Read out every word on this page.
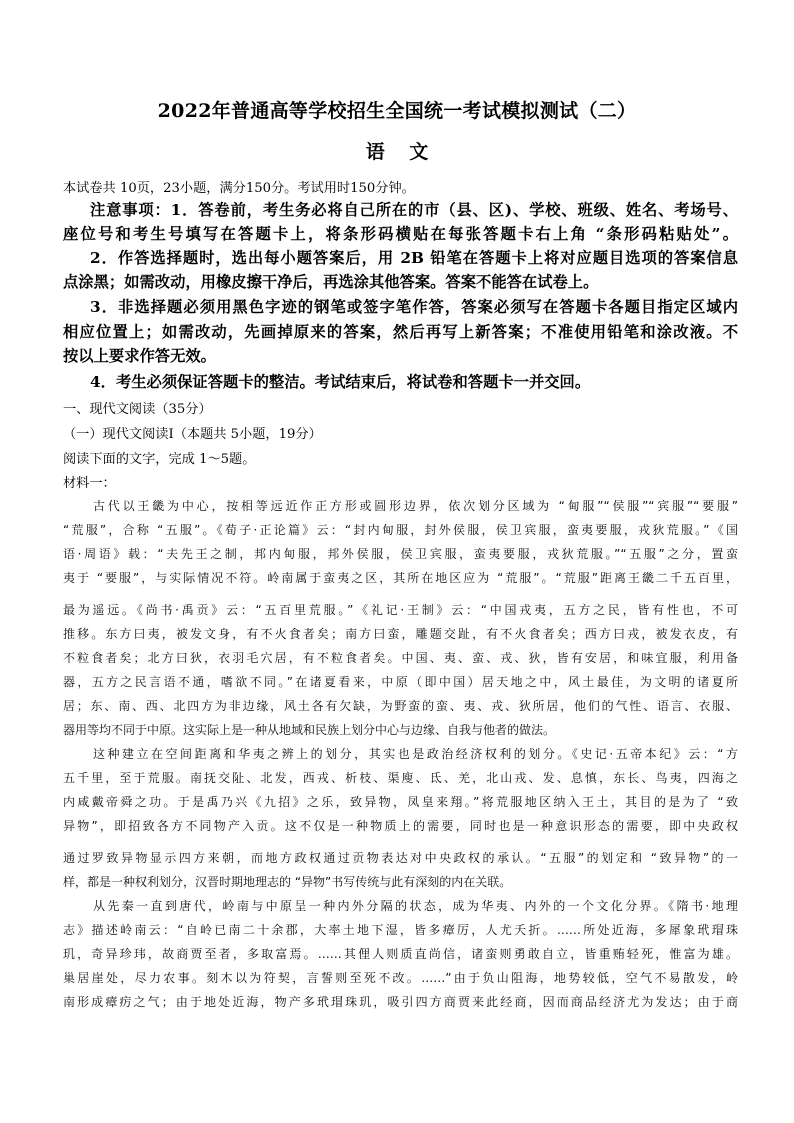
2022年普通高等学校招生全国统一考试模拟测试（二）
语 文
本试卷共 10页，23小题，满分150分。考试用时150分钟。
注意事项：1．答卷前，考生务必将自己所在的市（县、区)、学校、班级、姓名、考场号、
座位号和考生号填写在答题卡上，将条形码横贴在每张答题卡右上角 “条形码粘贴处”。
2．作答选择题时，选出每小题答案后，用 2B 铅笔在答题卡上将对应题目选项的答案信息
点涂黑；如需改动，用橡皮擦干净后，再选涂其他答案。答案不能答在试卷上。
3．非选择题必须用黑色字迹的钢笔或签字笔作答，答案必须写在答题卡各题目指定区域内
相应位置上；如需改动，先画掉原来的答案，然后再写上新答案；不准使用铅笔和涂改液。不
按以上要求作答无效。
4．考生必须保证答题卡的整洁。考试结束后，将试卷和答题卡一并交回。
一、现代文阅读（35分）
（一）现代文阅读Ⅰ（本题共 5小题，19分）
阅读下面的文字，完成 1～5题。
材料一：
古代以王畿为中心，按相等远近作正方形或圆形边界，依次划分区域为 “甸服”“侯服”“宾服”“要服”
“荒服”，合称 “五服”。《荀子·正论篇》云：“封内甸服，封外侯服，侯卫宾服，蛮夷要服，戎狄荒服。”《国
语·周语》载：“夫先王之制，邦内甸服，邦外侯服，侯卫宾服，蛮夷要服，戎狄荒服。”“五服”之分，置蛮
夷于 “要服”，与实际情况不符。岭南属于蛮夷之区，其所在地区应为 “荒服”。“荒服”距离王畿二千五百里，
最为遥远。《尚书·禹贡》云：“五百里荒服。”《礼记·王制》云：“中国戎夷，五方之民，皆有性也，不可
推移。东方曰夷，被发文身，有不火食者矣；南方曰蛮，雕题交趾，有不火食者矣；西方曰戎，被发衣皮，有
不粒食者矣；北方曰狄，衣羽毛穴居，有不粒食者矣。中国、夷、蛮、戎、狄，皆有安居，和味宜服，利用备
器，五方之民言语不通，嗜欲不同。”在诸夏看来，中原（即中国）居天地之中，风土最佳，为文明的诸夏所
居；东、南、西、北四方为非边缘，风土各有欠缺，为野蛮的蛮、夷、戎、狄所居，他们的气性、语言、衣服、
器用等均不同于中原。这实际上是一种从地域和民族上划分中心与边缘、自我与他者的做法。
这种建立在空间距离和华夷之辨上的划分，其实也是政治经济权利的划分。《史记·五帝本纪》云：“方
五千里，至于荒服。南抚交阯、北发，西戎、析枝、渠廋、氐、羌，北山戎、发、息慎，东长、鸟夷，四海之
内咸戴帝舜之功。于是禹乃兴《九招》之乐，致异物，凤皇来翔。”将荒服地区纳入王土，其目的是为了 “致
异物”，即招致各方不同物产入贡。这不仅是一种物质上的需要，同时也是一种意识形态的需要，即中央政权
通过罗致异物显示四方来朝，而地方政权通过贡物表达对中央政权的承认。“五服”的划定和 “致异物”的一
样，都是一种权利划分，汉晋时期地理志的 “异物”书写传统与此有深刻的内在关联。
从先秦一直到唐代，岭南与中原呈一种内外分隔的状态，成为华夷、内外的一个文化分界。《隋书·地理
志》描述岭南云：“自岭已南二十余郡，大率土地下湿，皆多瘴厉，人尤夭折。……所处近海，多犀象玳瑁珠
玑，奇异珍玮，故商贾至者，多取富焉。……其俚人则质直尚信，诸蛮则勇敢自立，皆重贿轻死，惟富为雄。
巢居崖处，尽力农事。刻木以为符契，言誓则至死不改。……”由于负山阻海，地势较低，空气不易散发，岭
南形成瘴疠之气；由于地处近海，物产多玳瑁珠玑，吸引四方商贾来此经商，因而商品经济尤为发达；由于商
